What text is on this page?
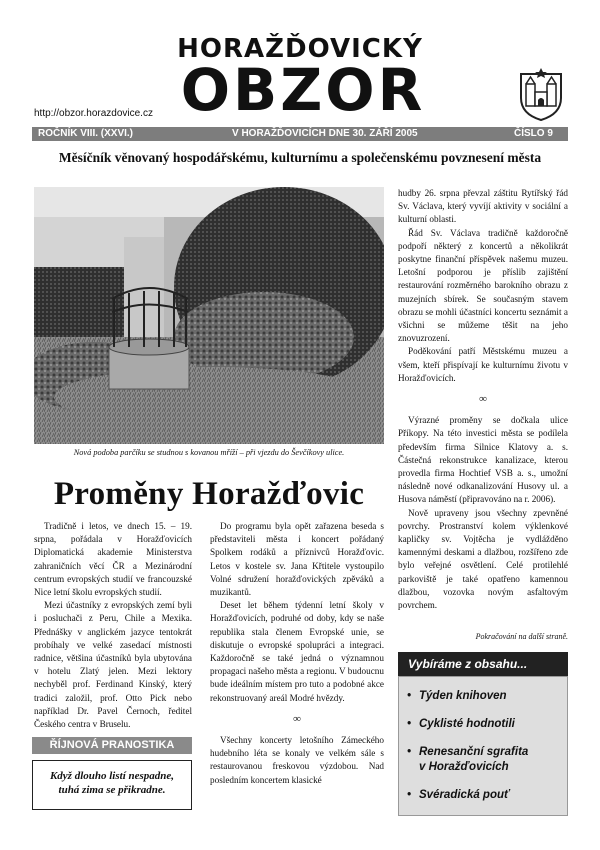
HORAŽĎOVICKÝ
OBZOR
http://obzor.horazdovice.cz
ROČNÍK VIII. (XXVI.)	V HORAŽĎOVICÍCH DNE 30. ZÁŘÍ 2005	ČÍSLO 9
Měsíčník věnovaný hospodářskému, kulturnímu a společenskému povznesení města
Nová podoba parčíku se studnou s kovanou mříží – při vjezdu do Ševčíkovy ulice.
Proměny Horažďovic

Tradičně i letos, ve dnech 15. – 19. srpna, pořádala v Horažďovicích Diplomatická akademie Ministerstva zahraničních věcí ČR a Mezinárodní centrum evropských studií ve francouzské Nice letní školu evropských studií.

Mezi účastníky z evropských zemí byli i posluchači z Peru, Chile a Mexika. Přednášky v anglickém jazyce tentokrát probíhaly ve velké zasedací místnosti radnice, většina účastníků byla ubytována v hotelu Zlatý jelen. Mezi lektory nechyběl prof. Ferdinand Kinský, který tradici založil, prof. Otto Pick nebo například Dr. Pavel Černoch, ředitel Českého centra v Bruselu.

ŘÍJNOVÁ PRANOSTIKA
Když dlouho listí nespadne,
tuhá zima se přikradne.

Do programu byla opět zařazena beseda s představiteli města i koncert pořádaný Spolkem rodáků a příznivců Horažďovic. Letos v kostele sv. Jana Křtitele vystoupilo Volné sdružení horažďovických zpěváků a muzikantů.

Deset let během týdenní letní školy v Horažďovicích, podruhé od doby, kdy se naše republika stala členem Evropské unie, se diskutuje o evropské spolupráci a integraci. Každoročně se také jedná o významnou propagaci našeho města a regionu. V budoucnu bude ideálním místem pro tuto a podobné akce rekonstruovaný areál Modré hvězdy.

∞

Všechny koncerty letošního Zámeckého hudebního léta se konaly ve velkém sále s restaurovanou freskovou výzdobou. Nad posledním koncertem klasické

hudby 26. srpna převzal záštitu Rytířský řád Sv. Václava, který vyvíjí aktivity v sociální a kulturní oblasti.

Řád Sv. Václava tradičně každoročně podpoří některý z koncertů a několikrát poskytne finanční příspěvek našemu muzeu. Letošní podporou je příslib zajištění restaurování rozměrného barokního obrazu z muzejních sbírek. Se současným stavem obrazu se mohli účastníci koncertu seznámit a všichni se můžeme těšit na jeho znovuzrození.

Poděkování patří Městskému muzeu a všem, kteří přispívají ke kulturnímu životu v Horažďovicích.

∞

Výrazné proměny se dočkala ulice Příkopy. Na této investici města se podílela především firma Silnice Klatovy a. s. Částečná rekonstrukce kanalizace, kterou provedla firma Hochtief VSB a. s., umožní následně nové odkanalizování Husovy ul. a Husova náměstí (připravováno na r. 2006).

Nově upraveny jsou všechny zpevněné povrchy. Prostranství kolem výklenkové kapličky sv. Vojtěcha je vydlážděno kamennými deskami a dlažbou, rozšířeno zde bylo veřejné osvětlení. Celé protilehlé parkoviště je také opatřeno kamennou dlažbou, vozovka novým asfaltovým povrchem.

Pokračování na další straně.
Vybíráme z obsahu...
• Týden knihoven
• Cyklisté hodnotili
• Renesanční sgrafita
v Horažďovicích
• Svéradická pouť
